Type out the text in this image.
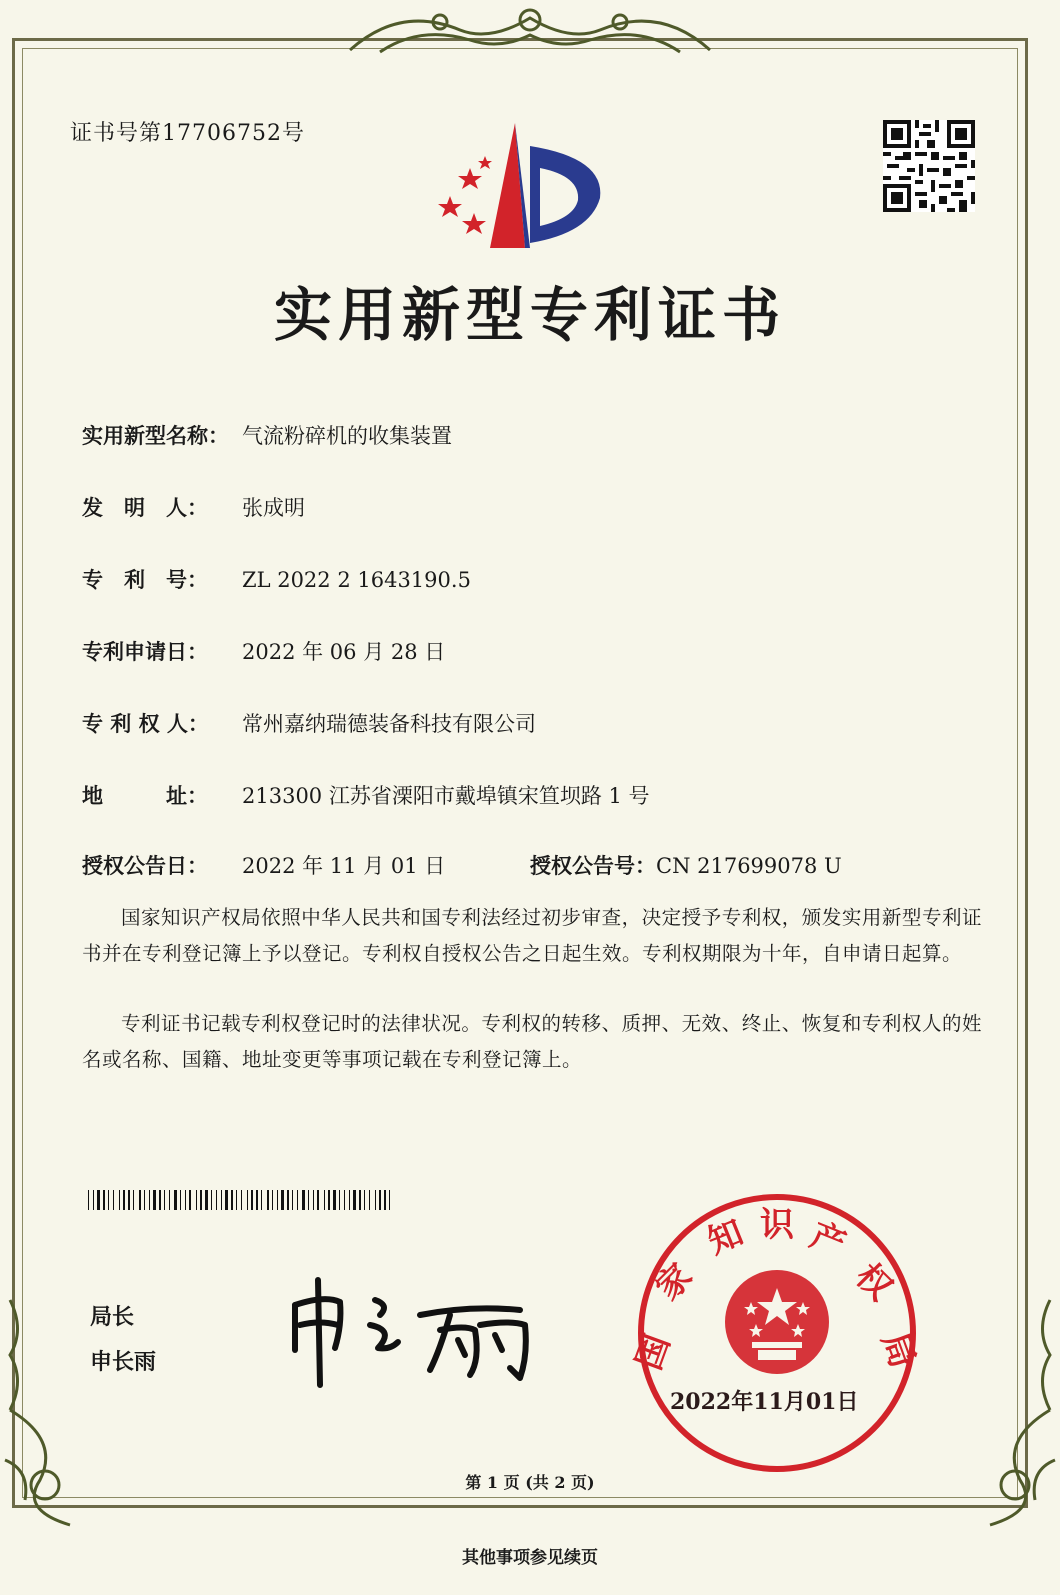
证书号第17706752号
实用新型专利证书
实用新型名称： 气流粉碎机的收集装置
发　明　人： 张成明
专　利　号： ZL 2022 2 1643190.5
专利申请日： 2022 年 06 月 28 日
专 利 权 人： 常州嘉纳瑞德装备科技有限公司
地　　　址： 213300 江苏省溧阳市戴埠镇宋笪坝路 1 号
授权公告日： 2022 年 11 月 01 日	授权公告号：CN 217699078 U
国家知识产权局依照中华人民共和国专利法经过初步审查，决定授予专利权，颁发实用新型专利证书并在专利登记簿上予以登记。专利权自授权公告之日起生效。专利权期限为十年，自申请日起算。
专利证书记载专利权登记时的法律状况。专利权的转移、质押、无效、终止、恢复和专利权人的姓名或名称、国籍、地址变更等事项记载在专利登记簿上。
局长
申长雨	国
家
知 识 产
权
局
2022年11月01日
第 1 页 (共 2 页)
其他事项参见续页
